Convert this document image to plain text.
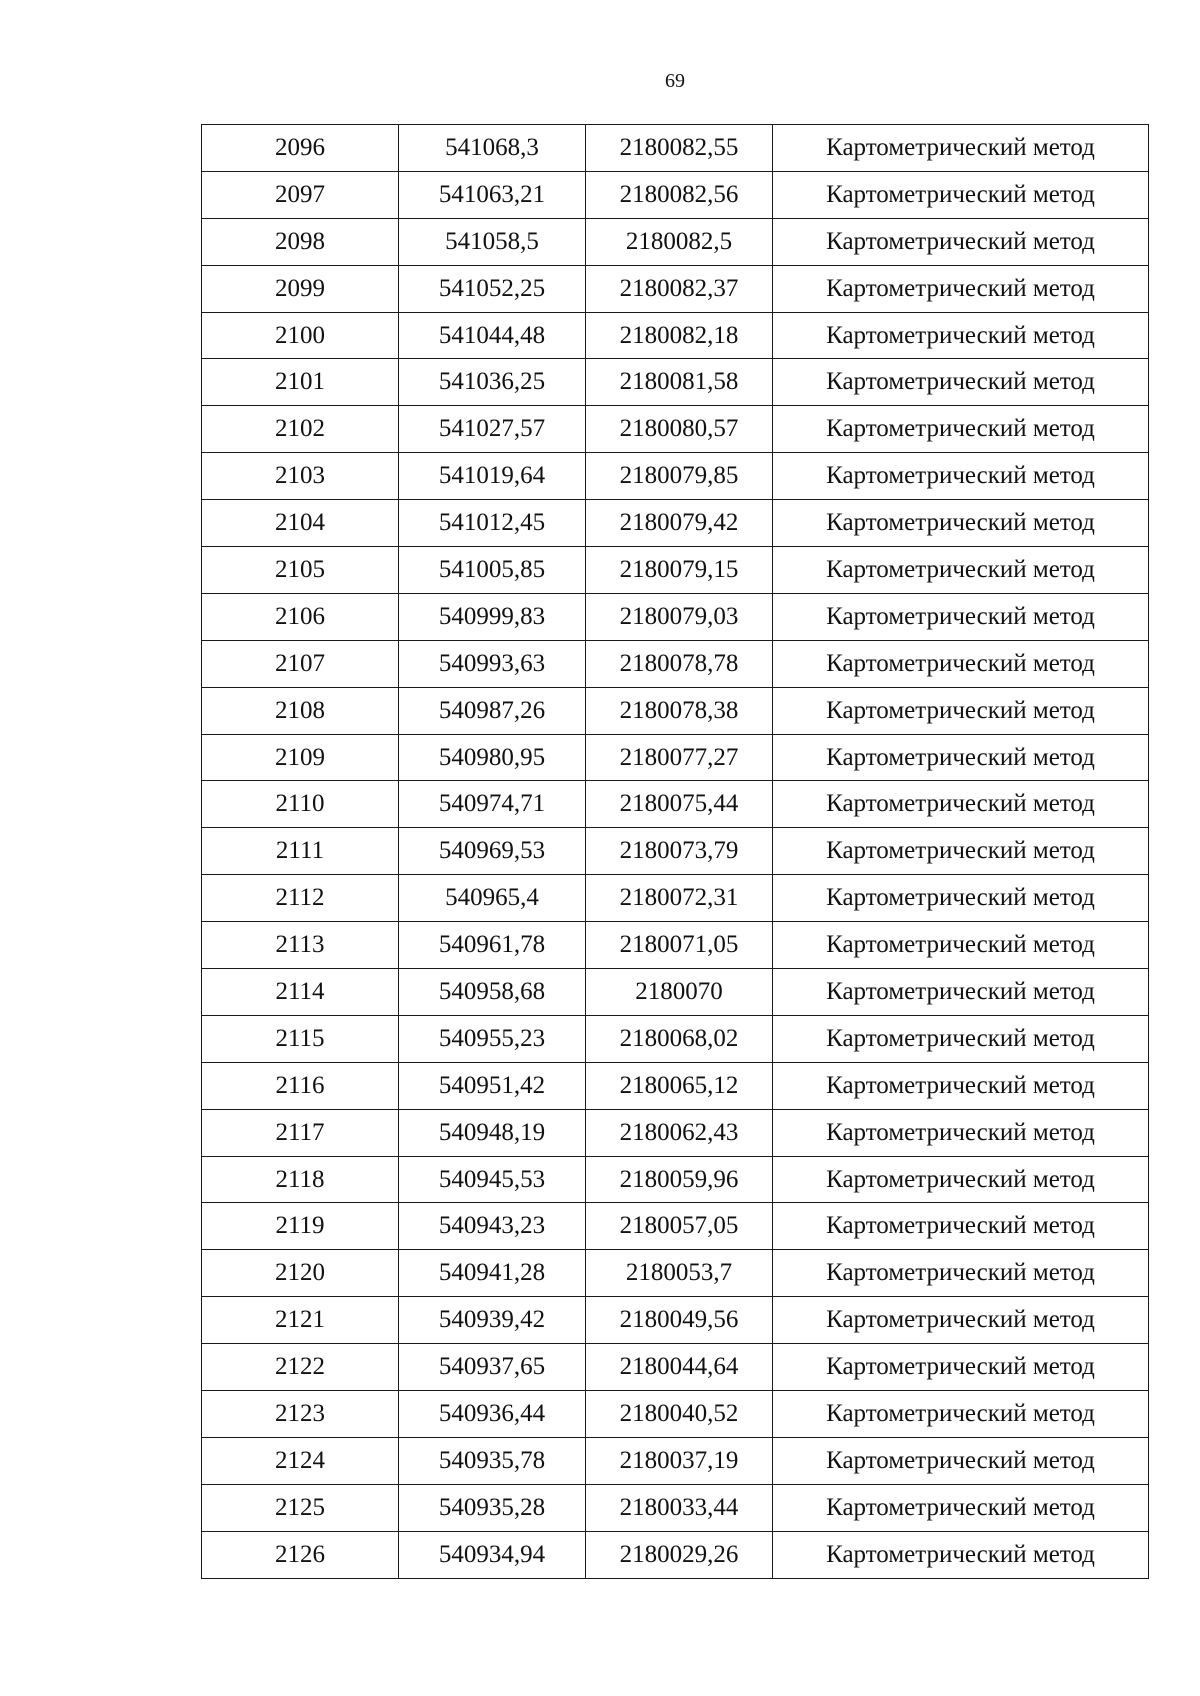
69
2096	541068,3	2180082,55	Картометрический метод
2097	541063,21	2180082,56	Картометрический метод
2098	541058,5	2180082,5	Картометрический метод
2099	541052,25	2180082,37	Картометрический метод
2100	541044,48	2180082,18	Картометрический метод
2101	541036,25	2180081,58	Картометрический метод
2102	541027,57	2180080,57	Картометрический метод
2103	541019,64	2180079,85	Картометрический метод
2104	541012,45	2180079,42	Картометрический метод
2105	541005,85	2180079,15	Картометрический метод
2106	540999,83	2180079,03	Картометрический метод
2107	540993,63	2180078,78	Картометрический метод
2108	540987,26	2180078,38	Картометрический метод
2109	540980,95	2180077,27	Картометрический метод
2110	540974,71	2180075,44	Картометрический метод
2111	540969,53	2180073,79	Картометрический метод
2112	540965,4	2180072,31	Картометрический метод
2113	540961,78	2180071,05	Картометрический метод
2114	540958,68	2180070	Картометрический метод
2115	540955,23	2180068,02	Картометрический метод
2116	540951,42	2180065,12	Картометрический метод
2117	540948,19	2180062,43	Картометрический метод
2118	540945,53	2180059,96	Картометрический метод
2119	540943,23	2180057,05	Картометрический метод
2120	540941,28	2180053,7	Картометрический метод
2121	540939,42	2180049,56	Картометрический метод
2122	540937,65	2180044,64	Картометрический метод
2123	540936,44	2180040,52	Картометрический метод
2124	540935,78	2180037,19	Картометрический метод
2125	540935,28	2180033,44	Картометрический метод
2126	540934,94	2180029,26	Картометрический метод
